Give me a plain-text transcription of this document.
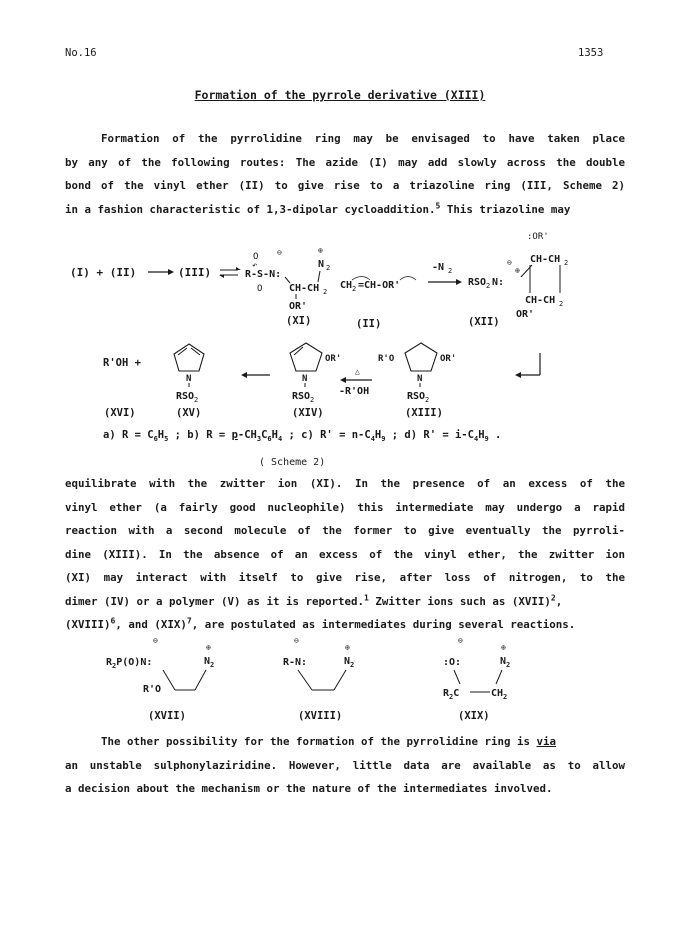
No.16	1353
Formation of the pyrrole derivative (XIII)

Formation of the pyrrolidine ring may be envisaged to have taken place

by any of the following routes: The azide (I) may add slowly across the double

bond of the vinyl ether (II) to give rise to a triazoline ring (III, Scheme 2)

in a fashion characteristic of 1,3-dipolar cycloaddition.$^5$ This triazoline may

(I) + (II)	(III)	↶
⊖	⊕
O
R-S-N:
O
N 2
CH-CH 2
OR'
CH 2 =CH-OR'
-N 2
:OR'
⊖
⊕
CH-CH 2
RSO 2 N:
CH-CH 2
OR'
(XI)	(II)	(XII)
R'OH +
N
RSO 2
OR'
N
RSO 2
△
-R'OH
R'O	OR'
N
RSO 2
(XVI)	(XV)	(XIV)	(XIII)
a) $R = C_6H_5$ ; b) $R = p-CH_3C_6H_4$ ; c) $R' = n-C_4H_9$ ; d) $R' = i-C_4H_9$ .
( Scheme 2)

equilibrate with the zwitter ion (XI). In the presence of an excess of the

vinyl ether (a fairly good nucleophile) this intermediate may undergo a rapid

reaction with a second molecule of the former to give eventually the pyrroli-

dine (XIII). In the absence of an excess of the vinyl ether, the zwitter ion

(XI) may interact with itself to give rise, after loss of nitrogen, to the

dimer (IV) or a polymer (V) as it is reported.$^1$ Zwitter ions such as (XVII)$^2$,

(XVIII)$^6$, and (XIX)$^7$, are postulated as intermediates during several reactions.

⊖
⊕
$R_2P(O)N$:	$N_2$
R'O
(XVII)
⊖
⊕
R-N:	$N_2$
(XVIII)
⊖
⊕
:O:	$N_2$
$R_2C$	$CH_2$
(XIX)

The other possibility for the formation of the pyrrolidine ring is via

an unstable sulphonylaziridine. However, little data are available as to allow

a decision about the mechanism or the nature of the intermediates involved.
